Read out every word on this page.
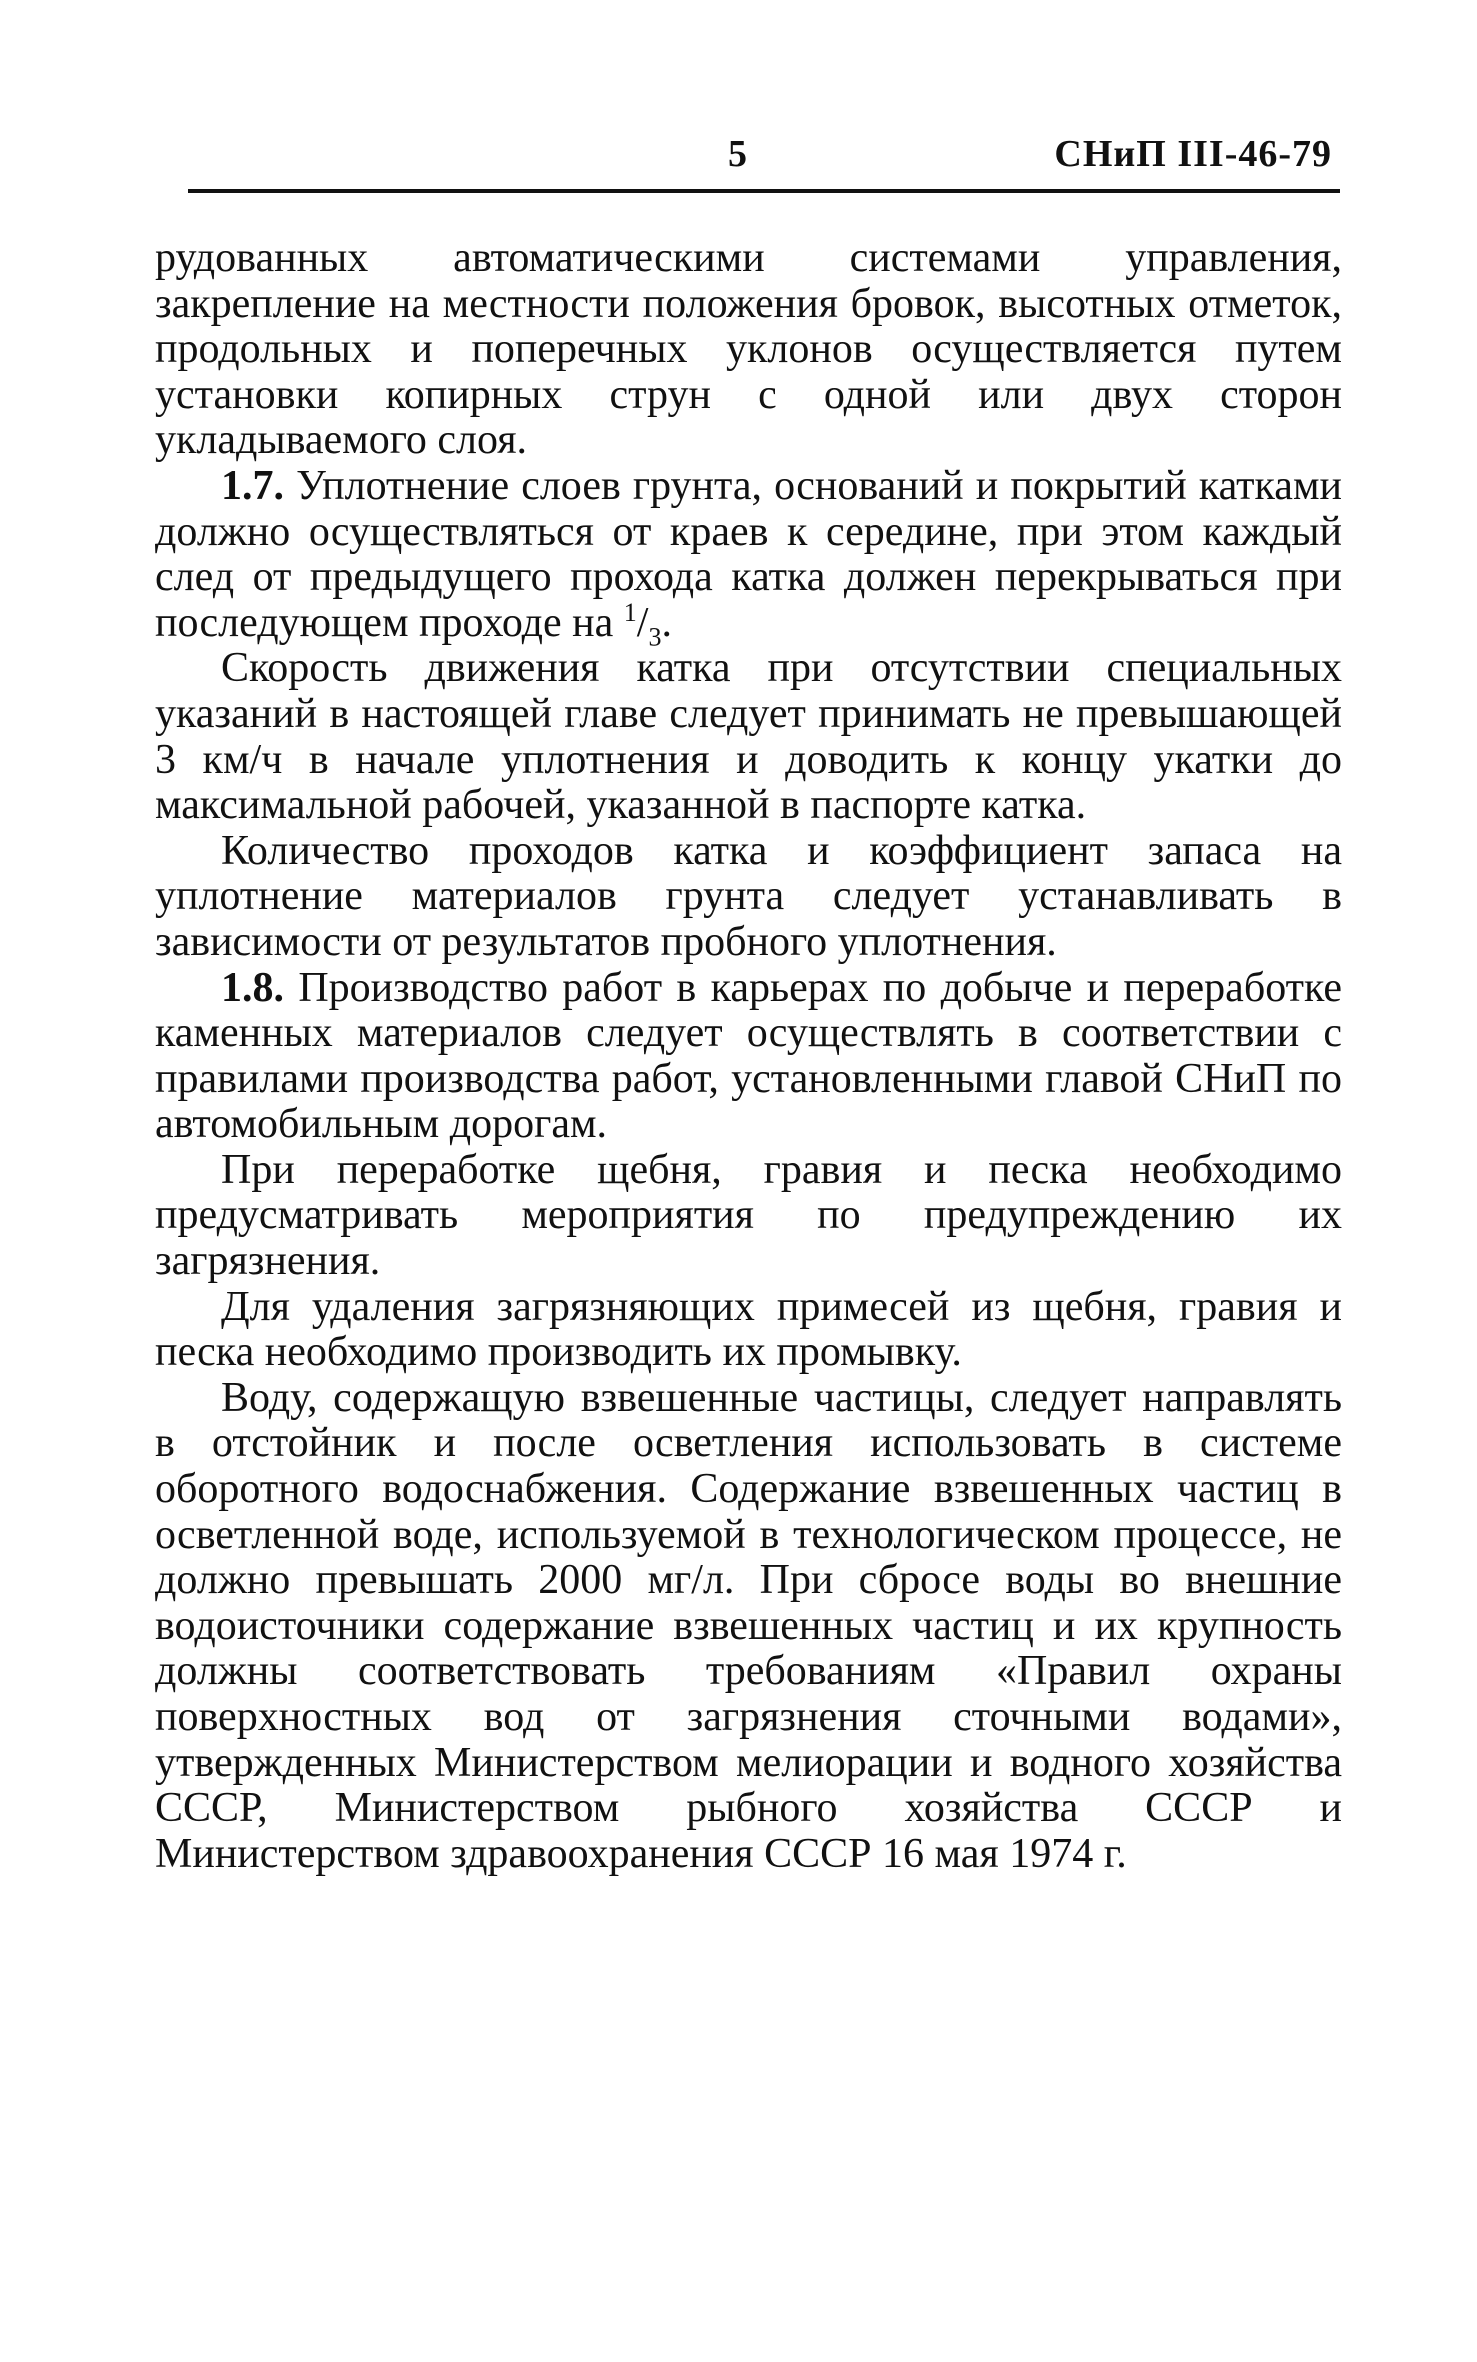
5	СНиП III-46-79

рудованных автоматическими системами управления, закрепление на местности положения бровок, высотных отметок, продольных и поперечных уклонов осуществляется путем установки копирных струн с одной или двух сторон укладываемого слоя.

1.7. Уплотнение слоев грунта, оснований и покрытий катками должно осуществляться от краев к середине, при этом каждый след от предыдущего прохода катка должен перекрываться при последующем проходе на $^1/_3$.

Скорость движения катка при отсутствии специальных указаний в настоящей главе следует принимать не превышающей 3 км/ч в начале уплотнения и доводить к концу укатки до максимальной рабочей, указанной в паспорте катка.

Количество проходов катка и коэффициент запаса на уплотнение материалов грунта следует устанавливать в зависимости от результатов пробного уплотнения.

1.8. Производство работ в карьерах по добыче и переработке каменных материалов следует осуществлять в соответствии с правилами производства работ, установленными главой СНиП по автомобильным дорогам.

При переработке щебня, гравия и песка необходимо предусматривать мероприятия по предупреждению их загрязнения.

Для удаления загрязняющих примесей из щебня, гравия и песка необходимо производить их промывку.

Воду, содержащую взвешенные частицы, следует направлять в отстойник и после осветления использовать в системе оборотного водоснабжения. Содержание взвешенных частиц в осветленной воде, используемой в технологическом процессе, не должно превышать 2000 мг/л. При сбросе воды во внешние водоисточники содержание взвешенных частиц и их крупность должны соответствовать требованиям «Правил охраны поверхностных вод от загрязнения сточными водами», утвержденных Министерством мелиорации и водного хозяйства СССР, Министерством рыбного хозяйства СССР и Министерством здравоохранения СССР 16 мая 1974 г.
